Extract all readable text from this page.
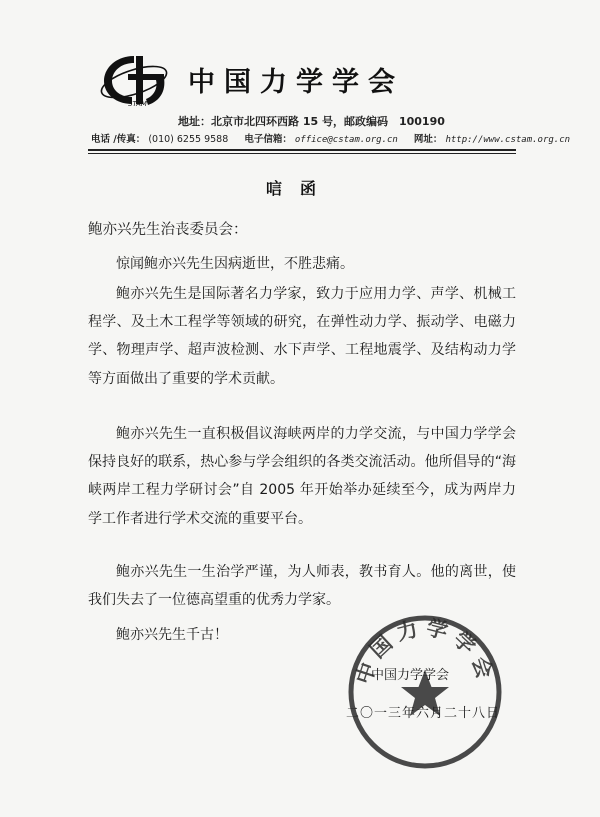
STAM
中国力学学会
地址：北京市北四环西路 15 号，邮政编码　100190
电话 /传真： (010) 6255 9588 电子信箱： office@cstam.org.cn 网址： http://www.cstam.org.cn
唁函
鲍亦兴先生治丧委员会：
惊闻鲍亦兴先生因病逝世，不胜悲痛。
鲍亦兴先生是国际著名力学家，致力于应用力学、声学、机械工程学、及土木工程学等领域的研究，在弹性动力学、振动学、电磁力学、物理声学、超声波检测、水下声学、工程地震学、及结构动力学等方面做出了重要的学术贡献。
鲍亦兴先生一直积极倡议海峡两岸的力学交流，与中国力学学会保持良好的联系，热心参与学会组织的各类交流活动。他所倡导的“海峡两岸工程力学研讨会”自 2005 年开始举办延续至今，成为两岸力学工作者进行学术交流的重要平台。
鲍亦兴先生一生治学严谨，为人师表，教书育人。他的离世，使我们失去了一位德高望重的优秀力学家。
鲍亦兴先生千古！
中国力学学会
中国力学学会
二〇一三年六月二十八日
